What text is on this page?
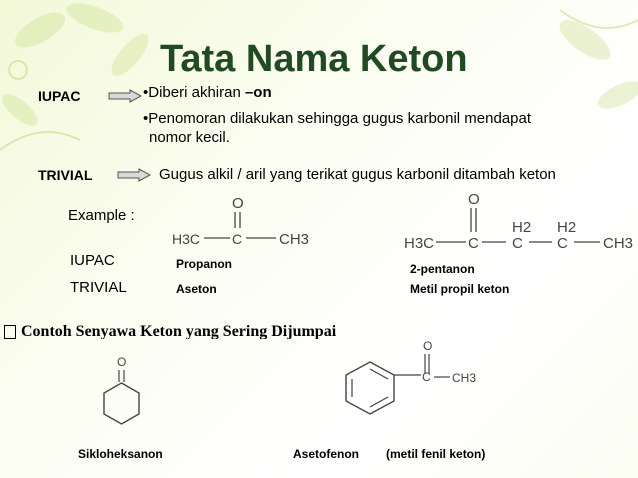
Tata Nama Keton
IUPAC	•Diberi akhiran –on
•Penomoran dilakukan sehingga gugus karbonil mendapat
nomor kecil.
TRIVIAL	Gugus alkil / aril yang terikat gugus karbonil ditambah keton
Example :
O
H3C C CH3
O
H3C C
H2
C
H2
C CH3
IUPAC
TRIVIAL
Propanon
Aseton
2-pentanon
Metil propil keton
Contoh Senyawa Keton yang Sering Dijumpai
O
O
C CH3
Sikloheksanon	Asetofenon (metil fenil keton)
